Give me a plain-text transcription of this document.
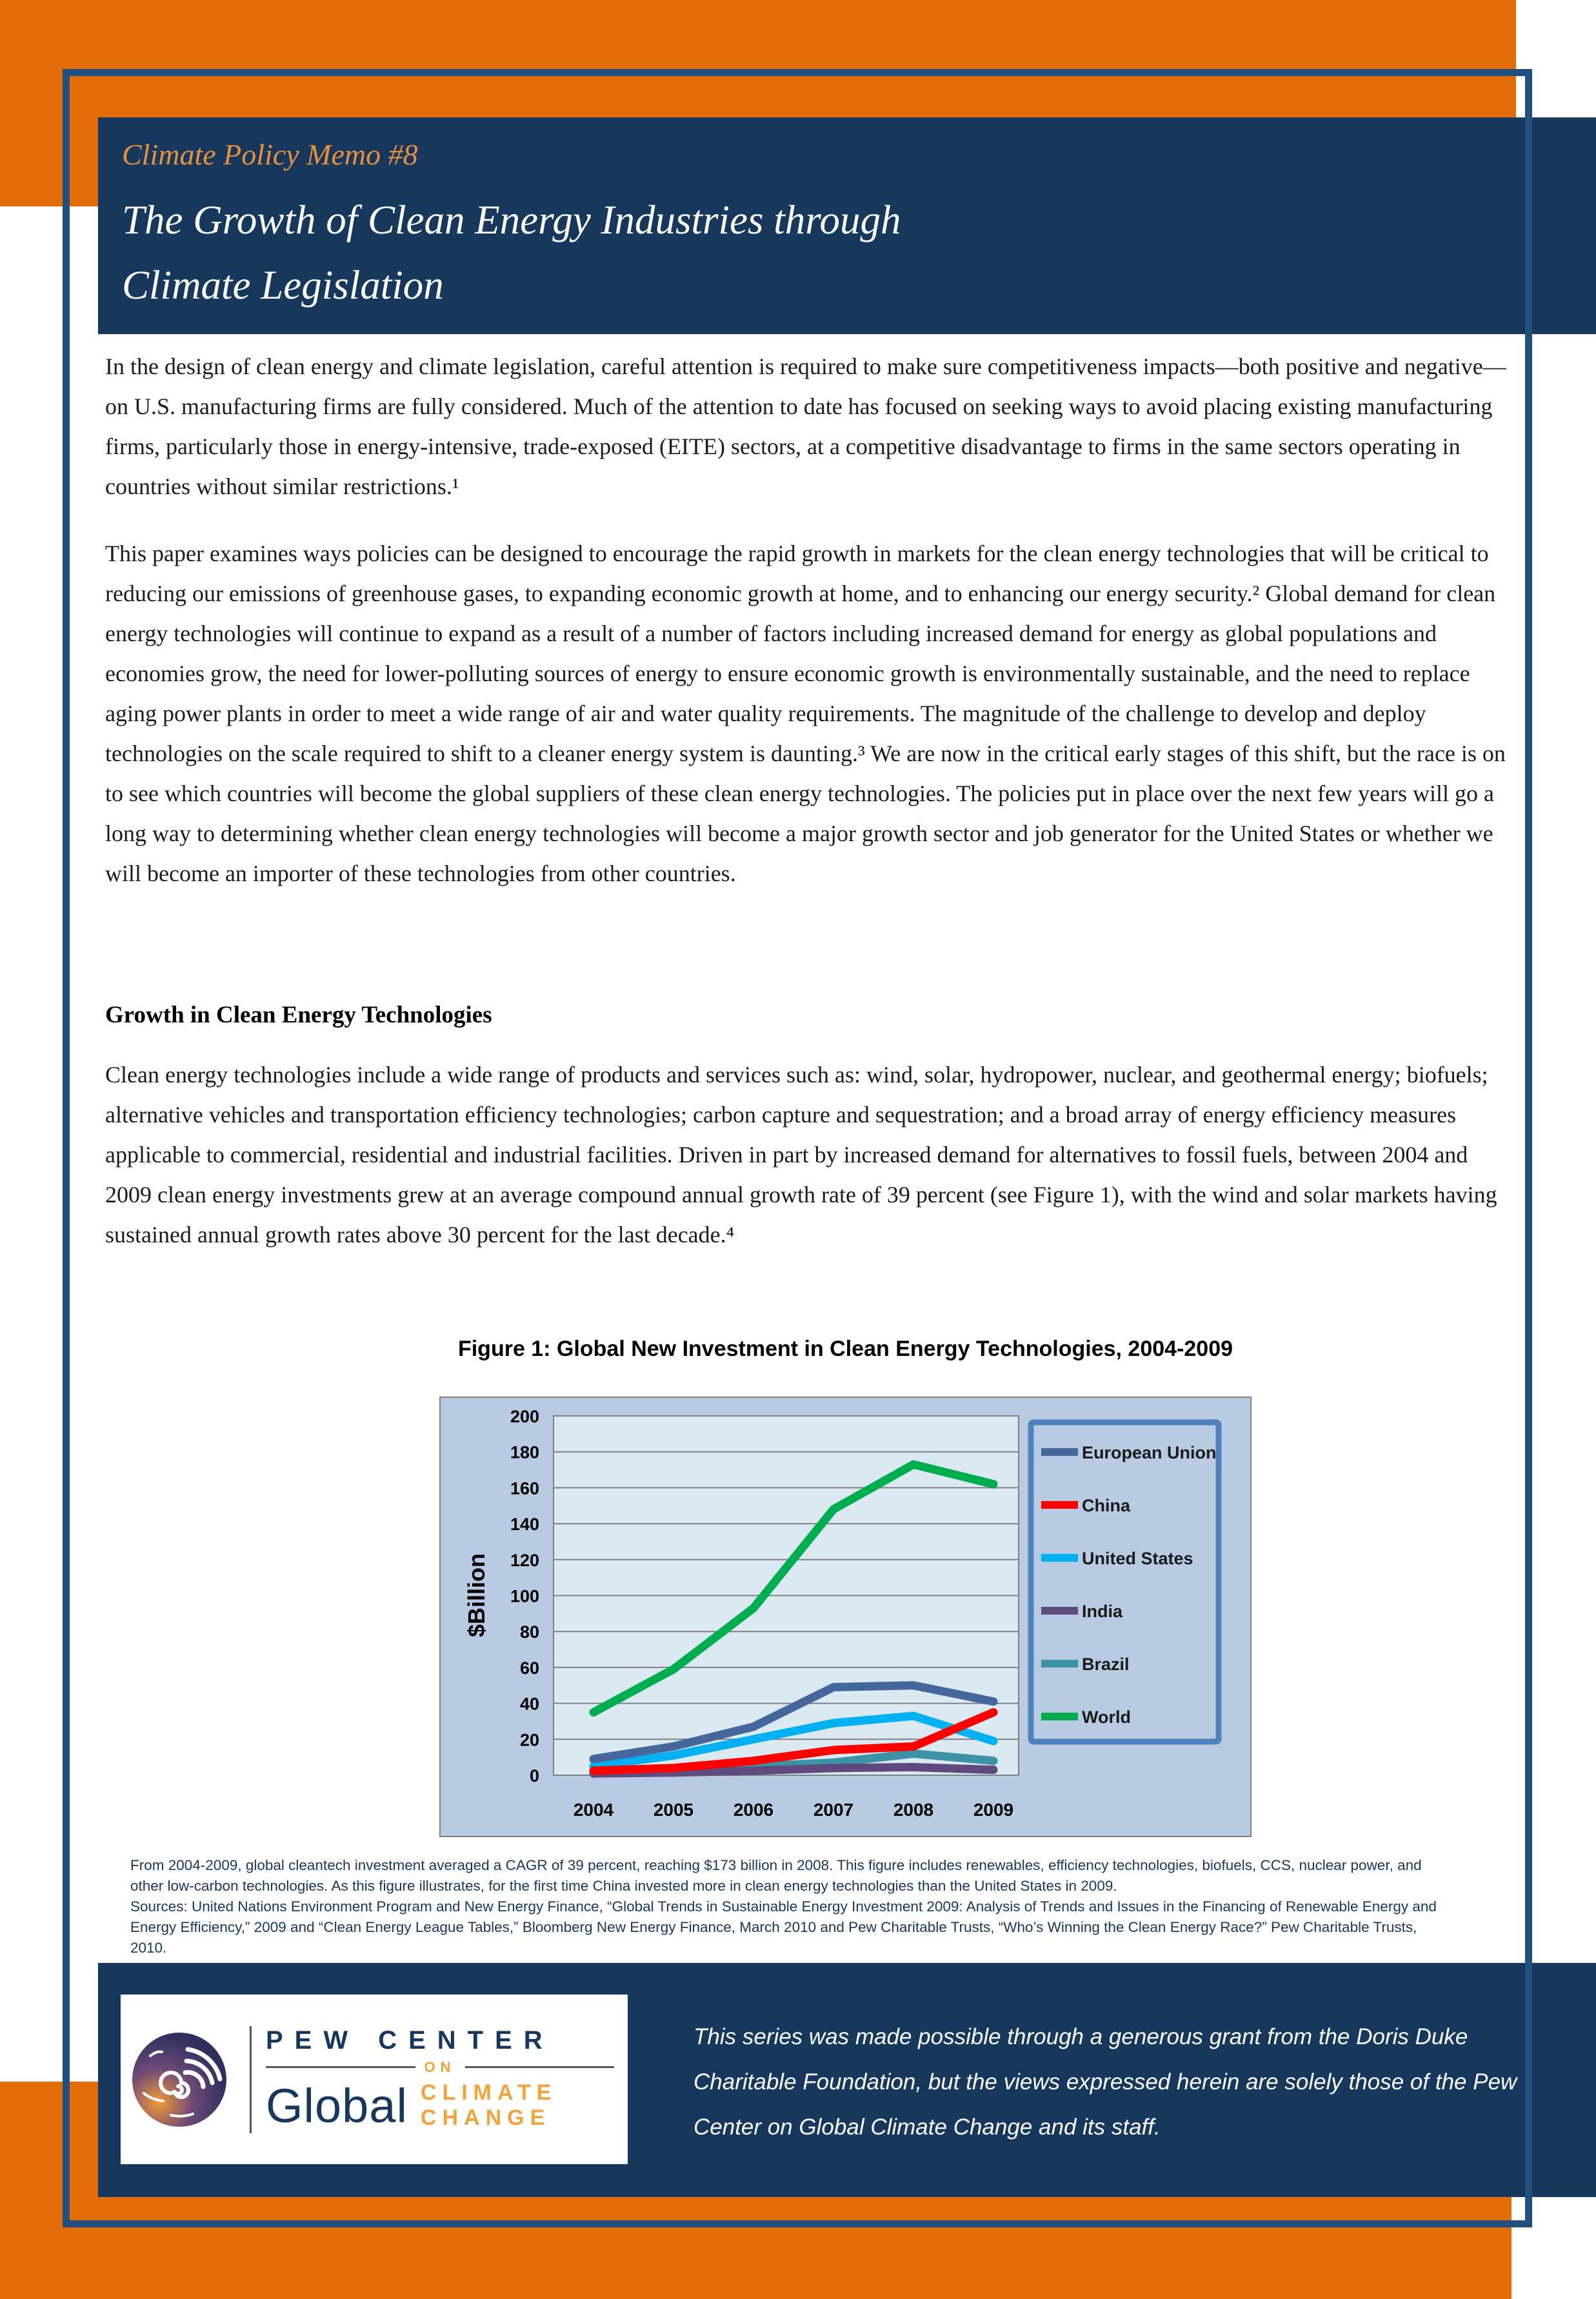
Climate Policy Memo #8
The Growth of Clean Energy Industries through
Climate Legislation

In the design of clean energy and climate legislation, careful attention is required to make sure competitiveness impacts—both positive and negative—on U.S. manufacturing firms are fully considered. Much of the attention to date has focused on seeking ways to avoid placing existing manufacturing firms, particularly those in energy-intensive, trade-exposed (EITE) sectors, at a competitive disadvantage to firms in the same sectors operating in countries without similar restrictions.¹

This paper examines ways policies can be designed to encourage the rapid growth in markets for the clean energy technologies that will be critical to reducing our emissions of greenhouse gases, to expanding economic growth at home, and to enhancing our energy security.² Global demand for clean energy technologies will continue to expand as a result of a number of factors including increased demand for energy as global populations and economies grow, the need for lower-polluting sources of energy to ensure economic growth is environmentally sustainable, and the need to replace aging power plants in order to meet a wide range of air and water quality requirements. The magnitude of the challenge to develop and deploy technologies on the scale required to shift to a cleaner energy system is daunting.³ We are now in the critical early stages of this shift, but the race is on to see which countries will become the global suppliers of these clean energy technologies. The policies put in place over the next few years will go a long way to determining whether clean energy technologies will become a major growth sector and job generator for the United States or whether we will become an importer of these technologies from other countries.

Growth in Clean Energy Technologies

Clean energy technologies include a wide range of products and services such as: wind, solar, hydropower, nuclear, and geothermal energy; biofuels; alternative vehicles and transportation efficiency technologies; carbon capture and sequestration; and a broad array of energy efficiency measures applicable to commercial, residential and industrial facilities. Driven in part by increased demand for alternatives to fossil fuels, between 2004 and 2009 clean energy investments grew at an average compound annual growth rate of 39 percent (see Figure 1), with the wind and solar markets having sustained annual growth rates above 30 percent for the last decade.⁴

Figure 1: Global New Investment in Clean Energy Technologies, 2004-2009
0
20
40
60
80
100
120
140
160
180
200
2004 2005 2006 2007 2008 2009
$Billion
European Union
China
United States
India
Brazil
World

From 2004-2009, global cleantech investment averaged a CAGR of 39 percent, reaching $173 billion in 2008. This figure includes renewables, efficiency technologies, biofuels, CCS, nuclear power, and other low-carbon technologies. As this figure illustrates, for the first time China invested more in clean energy technologies than the United States in 2009.

Sources: United Nations Environment Program and New Energy Finance, “Global Trends in Sustainable Energy Investment 2009: Analysis of Trends and Issues in the Financing of Renewable Energy and Energy Efficiency,” 2009 and “Clean Energy League Tables,” Bloomberg New Energy Finance, March 2010 and Pew Charitable Trusts, “Who’s Winning the Clean Energy Race?” Pew Charitable Trusts, 2010.

PEW CENTER
ON
Global CLIMATE
CHANGE
This series was made possible through a generous grant from the Doris Duke Charitable Foundation, but the views expressed herein are solely those of the Pew Center on Global Climate Change and its staff.
